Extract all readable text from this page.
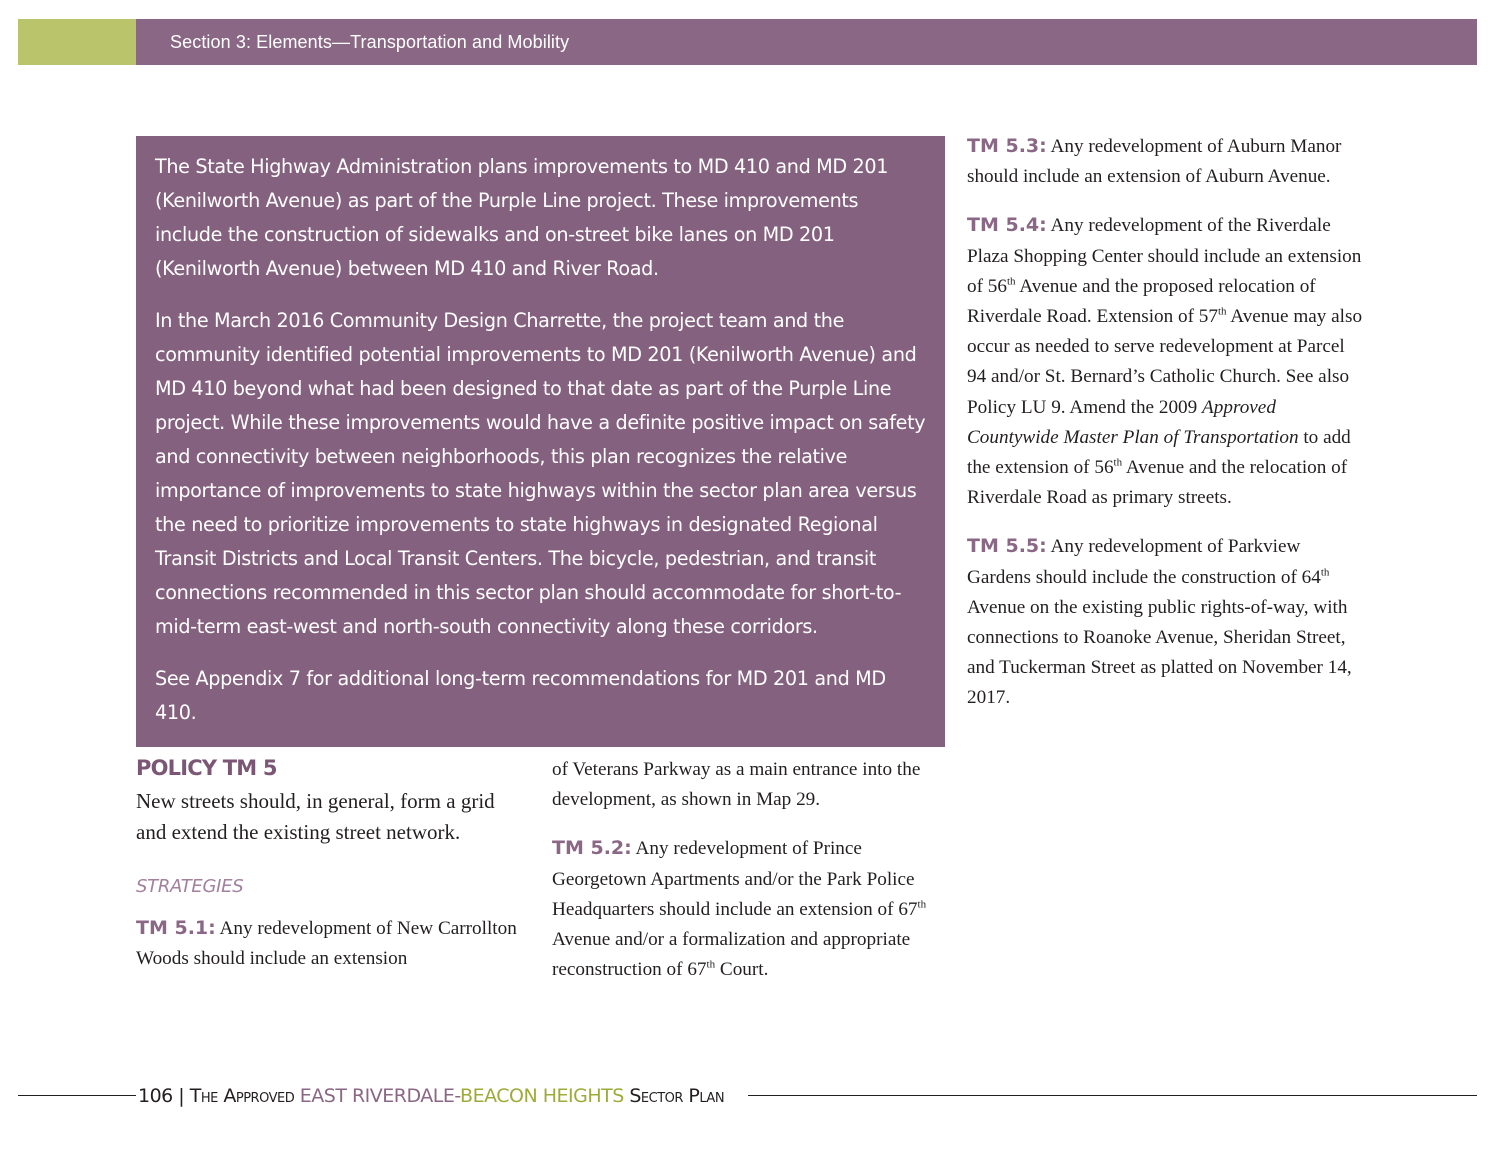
Section 3: Elements—Transportation and Mobility

The State Highway Administration plans improvements to MD 410 and MD 201 (Kenilworth Avenue) as part of the Purple Line project. These improvements include the construction of sidewalks and on-street bike lanes on MD 201 (Kenilworth Avenue) between MD 410 and River Road.

In the March 2016 Community Design Charrette, the project team and the community identified potential improvements to MD 201 (Kenilworth Avenue) and MD 410 beyond what had been designed to that date as part of the Purple Line project. While these improvements would have a definite positive impact on safety and connectivity between neighborhoods, this plan recognizes the relative importance of improvements to state highways within the sector plan area versus the need to prioritize improvements to state highways in designated Regional Transit Districts and Local Transit Centers. The bicycle, pedestrian, and transit connections recommended in this sector plan should accommodate for short-to-mid-term east-west and north-south connectivity along these corridors.

See Appendix 7 for additional long-term recommendations for MD 201 and MD 410.

POLICY TM 5
New streets should, in general, form a grid and extend the existing street network.
STRATEGIES
TM 5.1: Any redevelopment of New Carrollton Woods should include an extension

of Veterans Parkway as a main entrance into the development, as shown in Map 29.

TM 5.2: Any redevelopment of Prince Georgetown Apartments and/or the Park Police Headquarters should include an extension of 67th Avenue and/or a formalization and appropriate reconstruction of 67th Court.

TM 5.3: Any redevelopment of Auburn Manor should include an extension of Auburn Avenue.

TM 5.4: Any redevelopment of the Riverdale Plaza Shopping Center should include an extension of 56th Avenue and the proposed relocation of Riverdale Road. Extension of 57th Avenue may also occur as needed to serve redevelopment at Parcel 94 and/or St. Bernard’s Catholic Church. See also Policy LU 9. Amend the 2009 Approved Countywide Master Plan of Transportation to add the extension of 56th Avenue and the relocation of Riverdale Road as primary streets.

TM 5.5: Any redevelopment of Parkview Gardens should include the construction of 64th Avenue on the existing public rights-of-way, with connections to Roanoke Avenue, Sheridan Street, and Tuckerman Street as platted on November 14, 2017.

106 | The Approved EAST RIVERDALE-BEACON HEIGHTS Sector Plan
